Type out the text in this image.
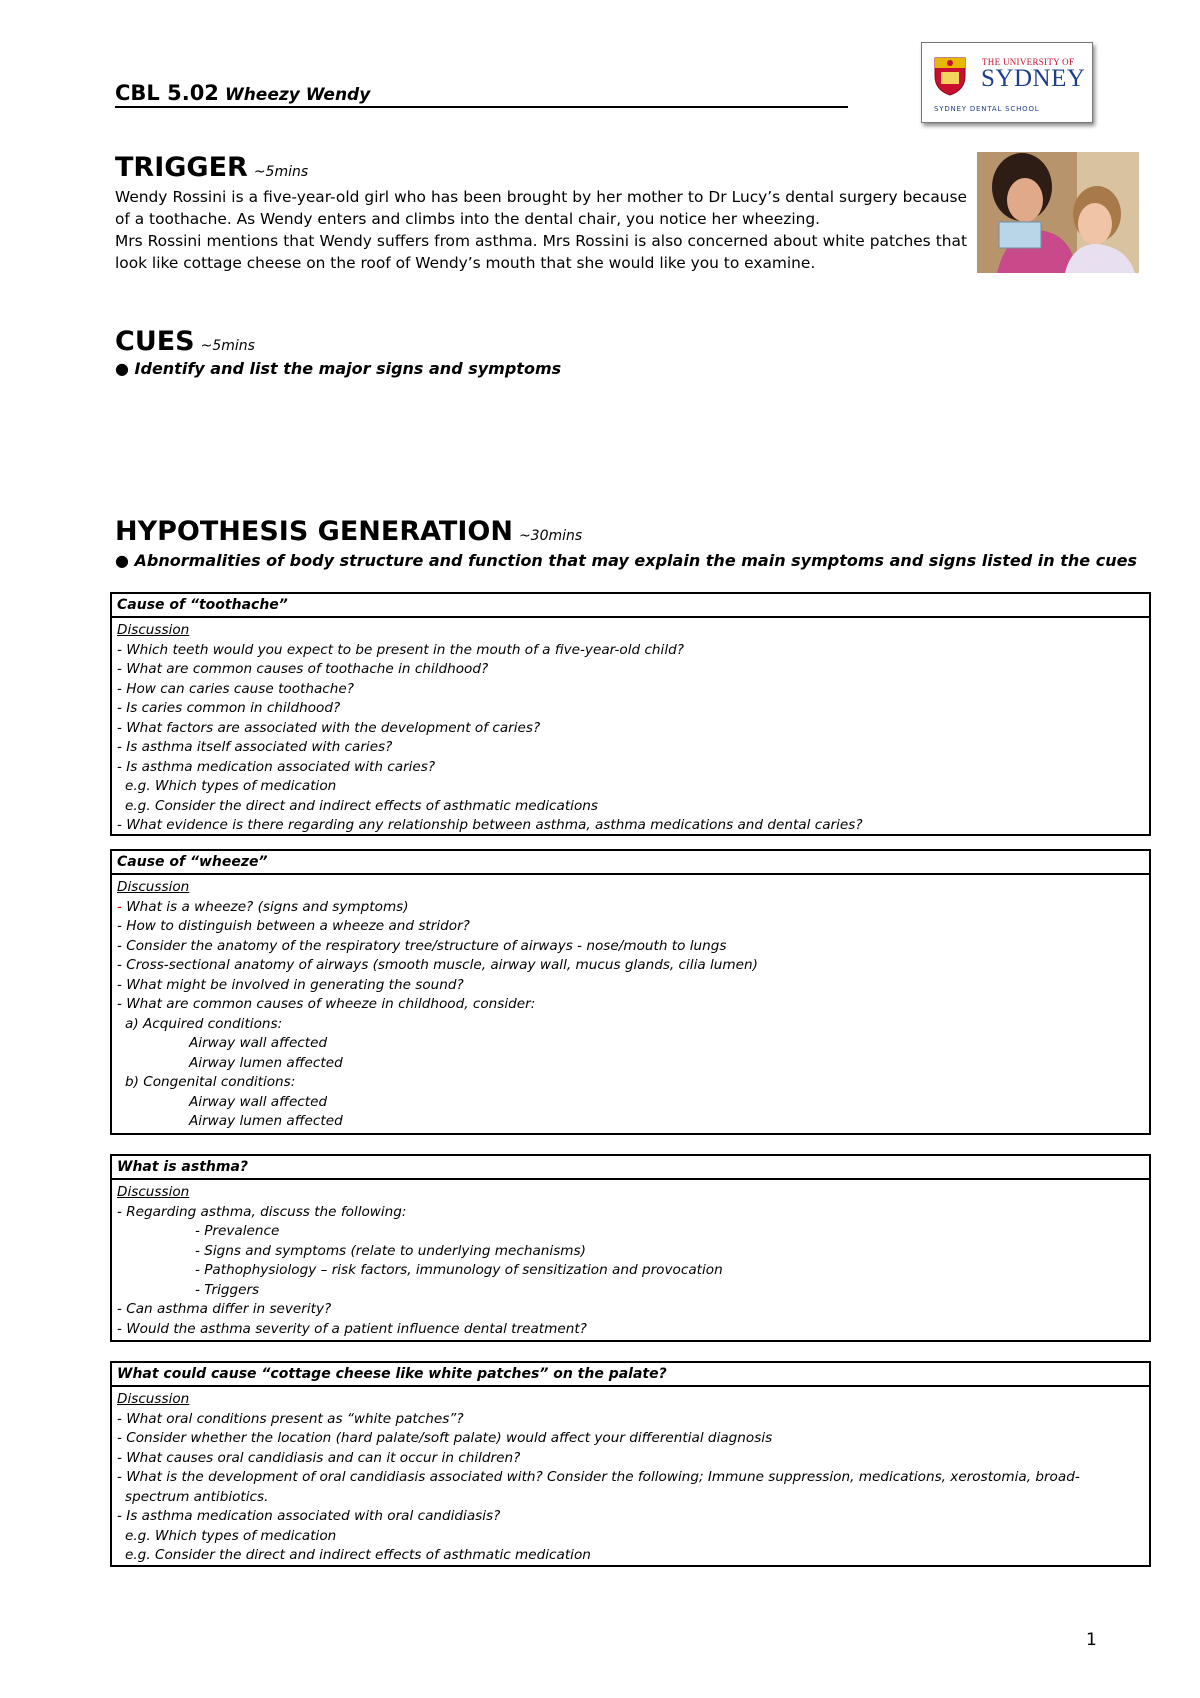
CBL 5.02 Wheezy Wendy
THE UNIVERSITY OF
SYDNEY
SYDNEY DENTAL SCHOOL
TRIGGER ~5mins

Wendy Rossini is a five-year-old girl who has been brought by her mother to Dr Lucy’s dental surgery because of a toothache. As Wendy enters and climbs into the dental chair, you notice her wheezing.

Mrs Rossini mentions that Wendy suffers from asthma. Mrs Rossini is also concerned about white patches that look like cottage cheese on the roof of Wendy’s mouth that she would like you to examine.

CUES ~5mins
● Identify and list the major signs and symptoms
HYPOTHESIS GENERATION ~30mins
● Abnormalities of body structure and function that may explain the main symptoms and signs listed in the cues
Cause of “toothache”
Discussion
- Which teeth would you expect to be present in the mouth of a five-year-old child?
- What are common causes of toothache in childhood?
- How can caries cause toothache?
- Is caries common in childhood?
- What factors are associated with the development of caries?
- Is asthma itself associated with caries?
- Is asthma medication associated with caries?
e.g. Which types of medication
e.g. Consider the direct and indirect effects of asthmatic medications
- What evidence is there regarding any relationship between asthma, asthma medications and dental caries?
Cause of “wheeze”
Discussion
- What is a wheeze? (signs and symptoms)
- How to distinguish between a wheeze and stridor?
- Consider the anatomy of the respiratory tree/structure of airways - nose/mouth to lungs
- Cross-sectional anatomy of airways (smooth muscle, airway wall, mucus glands, cilia lumen)
- What might be involved in generating the sound?
- What are common causes of wheeze in childhood, consider:
a) Acquired conditions:
Airway wall affected
Airway lumen affected
b) Congenital conditions:
Airway wall affected
Airway lumen affected
What is asthma?
Discussion
- Regarding asthma, discuss the following:
- Prevalence
- Signs and symptoms (relate to underlying mechanisms)
- Pathophysiology – risk factors, immunology of sensitization and provocation
- Triggers
- Can asthma differ in severity?
- Would the asthma severity of a patient influence dental treatment?
What could cause “cottage cheese like white patches” on the palate?
Discussion
- What oral conditions present as “white patches”?
- Consider whether the location (hard palate/soft palate) would affect your differential diagnosis
- What causes oral candidiasis and can it occur in children?
- What is the development of oral candidiasis associated with? Consider the following; Immune suppression, medications, xerostomia, broad-spectrum antibiotics.
- Is asthma medication associated with oral candidiasis?
e.g. Which types of medication
e.g. Consider the direct and indirect effects of asthmatic medication
1
